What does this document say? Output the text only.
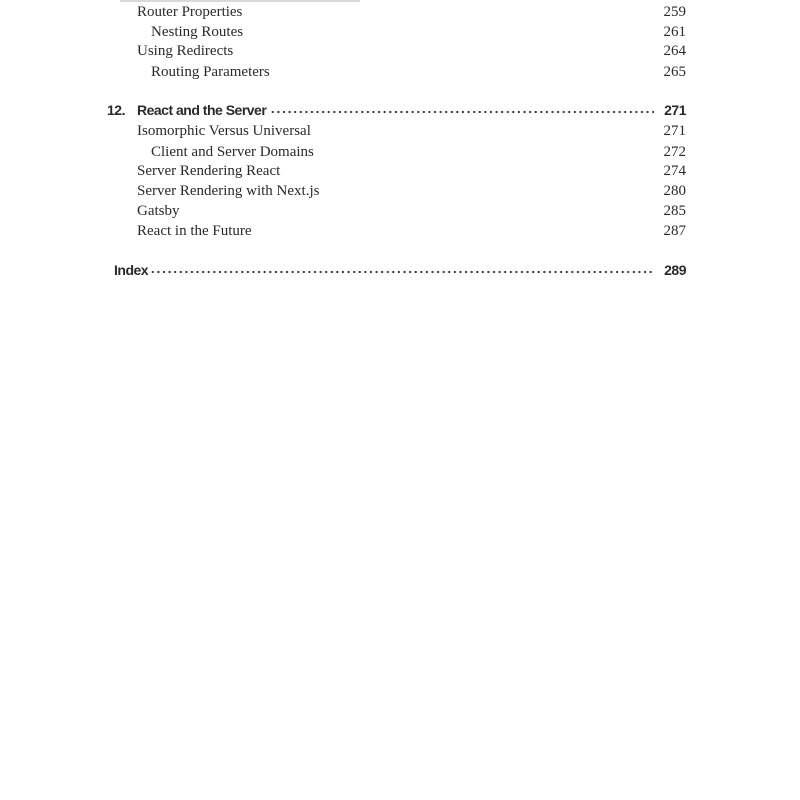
Router Properties	259
Nesting Routes	261
Using Redirects	264
Routing Parameters	265
12. React and the Server	271
Isomorphic Versus Universal	271
Client and Server Domains	272
Server Rendering React	274
Server Rendering with Next.js	280
Gatsby	285
React in the Future	287
Index	289
